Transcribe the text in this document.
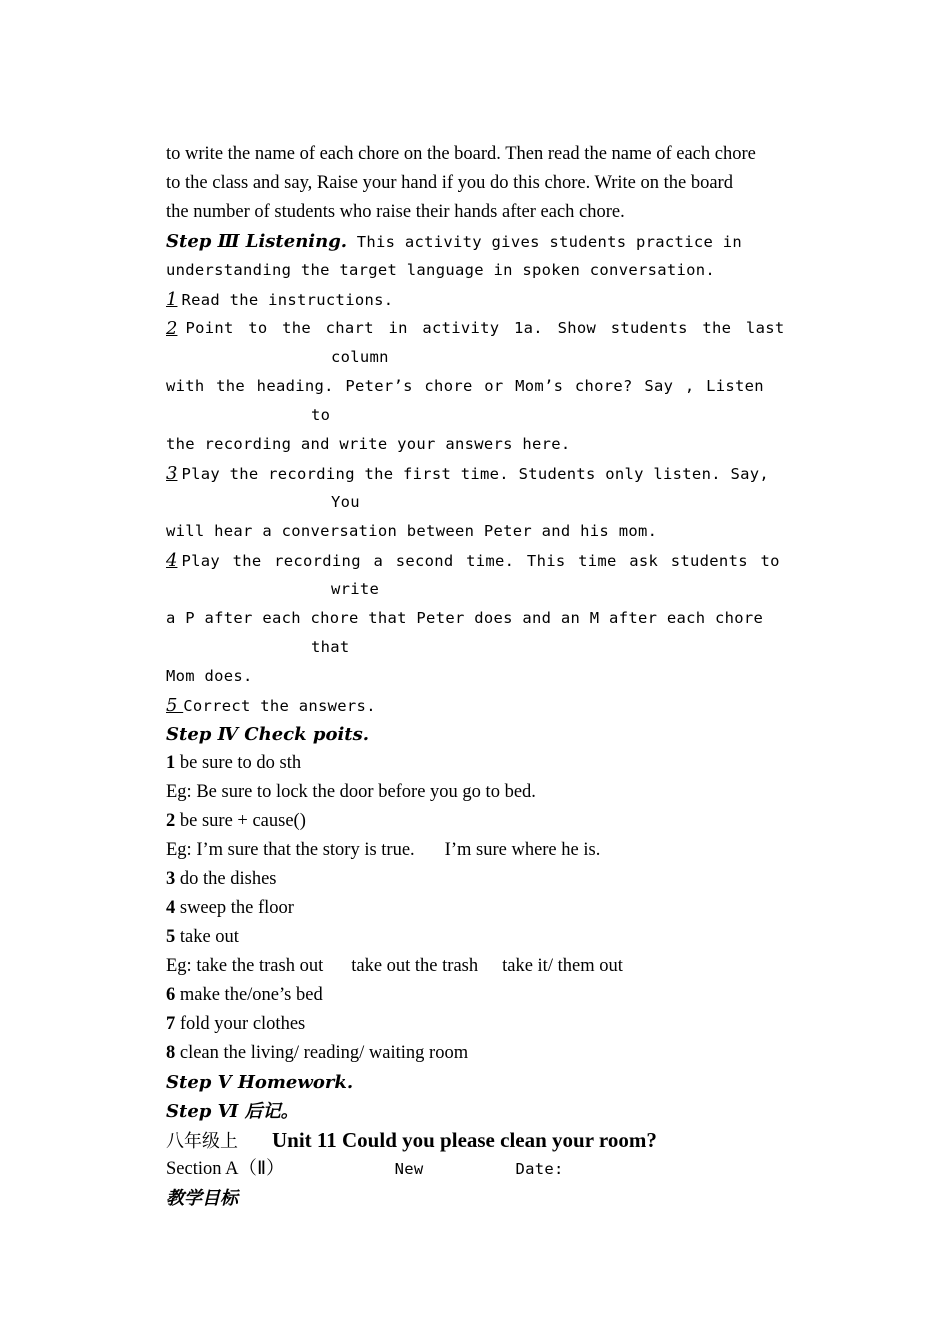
to write the name of each chore on the board. Then read the name of each chore
to the class and say, Raise your hand if you do this chore. Write on the board
the number of students who raise their hands after each chore.
Step Ⅲ Listening. This activity gives students practice in
understanding the target language in spoken conversation.
1 Read the instructions.
2 Point to the chart in activity 1a. Show students the last
column
with the heading. Peter’s chore or Mom’s chore? Say , Listen
to
the recording and write your answers here.
3 Play the recording the first time. Students only listen. Say,
You
will hear a conversation between Peter and his mom.
4 Play the recording a second time. This time ask students to
write
a P after each chore that Peter does and an M after each chore
that
Mom does.
5 Correct the answers.
Step Ⅳ Check poits.
1 be sure to do sth
Eg: Be sure to lock the door before you go to bed.
2 be sure + cause()
Eg: I’m sure that the story is true. I’m sure where he is.
3 do the dishes
4 sweep the floor
5 take out
Eg: take the trash out take out the trash take it/ them out
6 make the/one’s bed
7 fold your clothes
8 clean the living/ reading/ waiting room
Step Ⅴ Homework.
Step Ⅵ 后记。
八年级上 Unit 11 Could you please clean your room?
Section A（Ⅱ）	New	Date:
教学目标
